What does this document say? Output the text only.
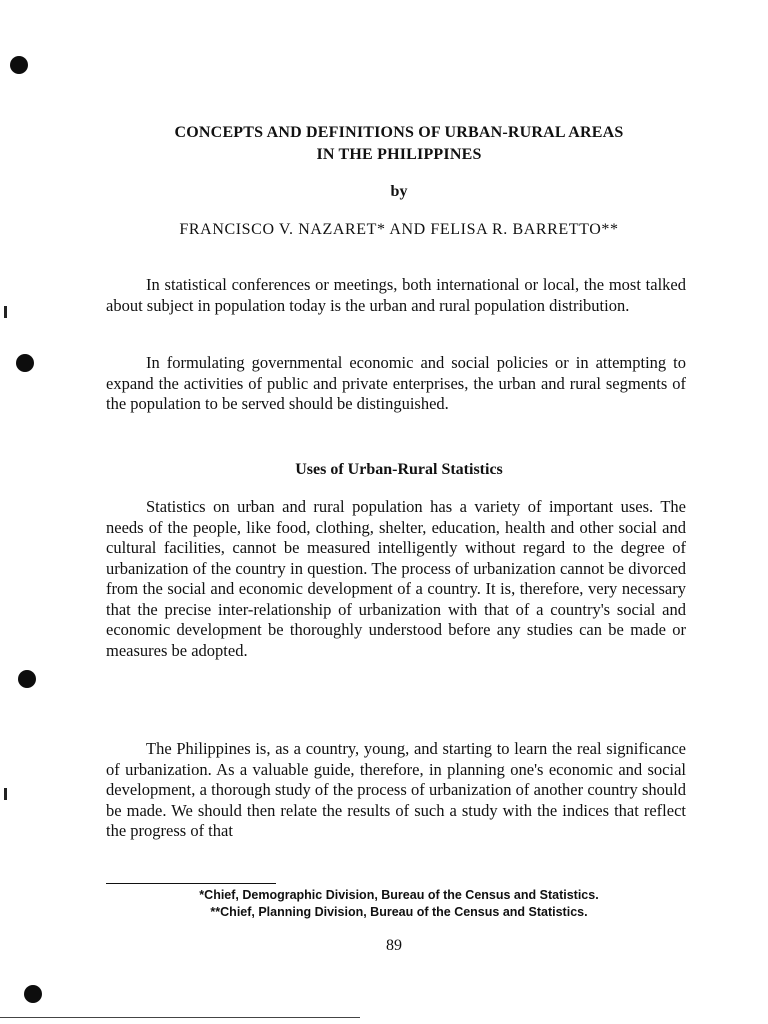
CONCEPTS AND DEFINITIONS OF URBAN-RURAL AREAS
IN THE PHILIPPINES
by
FRANCISCO V. NAZARET* AND FELISA R. BARRETTO**

In statistical conferences or meetings, both international or local, the most talked about subject in population today is the urban and rural population distribution.

In formulating governmental economic and social policies or in attempting to expand the activities of public and private enterprises, the urban and rural segments of the population to be served should be distinguished.

Uses of Urban-Rural Statistics

Statistics on urban and rural population has a variety of important uses. The needs of the people, like food, clothing, shelter, education, health and other social and cultural facilities, cannot be measured intelligently without regard to the degree of urbanization of the country in question. The process of urbanization cannot be divorced from the social and economic development of a country. It is, therefore, very necessary that the precise inter-relationship of urbanization with that of a country's social and economic development be thoroughly understood before any studies can be made or measures be adopted.

The Philippines is, as a country, young, and starting to learn the real significance of urbanization. As a valuable guide, therefore, in planning one's economic and social development, a thorough study of the process of urbanization of another country should be made. We should then relate the results of such a study with the indices that reflect the progress of that

*Chief, Demographic Division, Bureau of the Census and Statistics.
**Chief, Planning Division, Bureau of the Census and Statistics.
89
